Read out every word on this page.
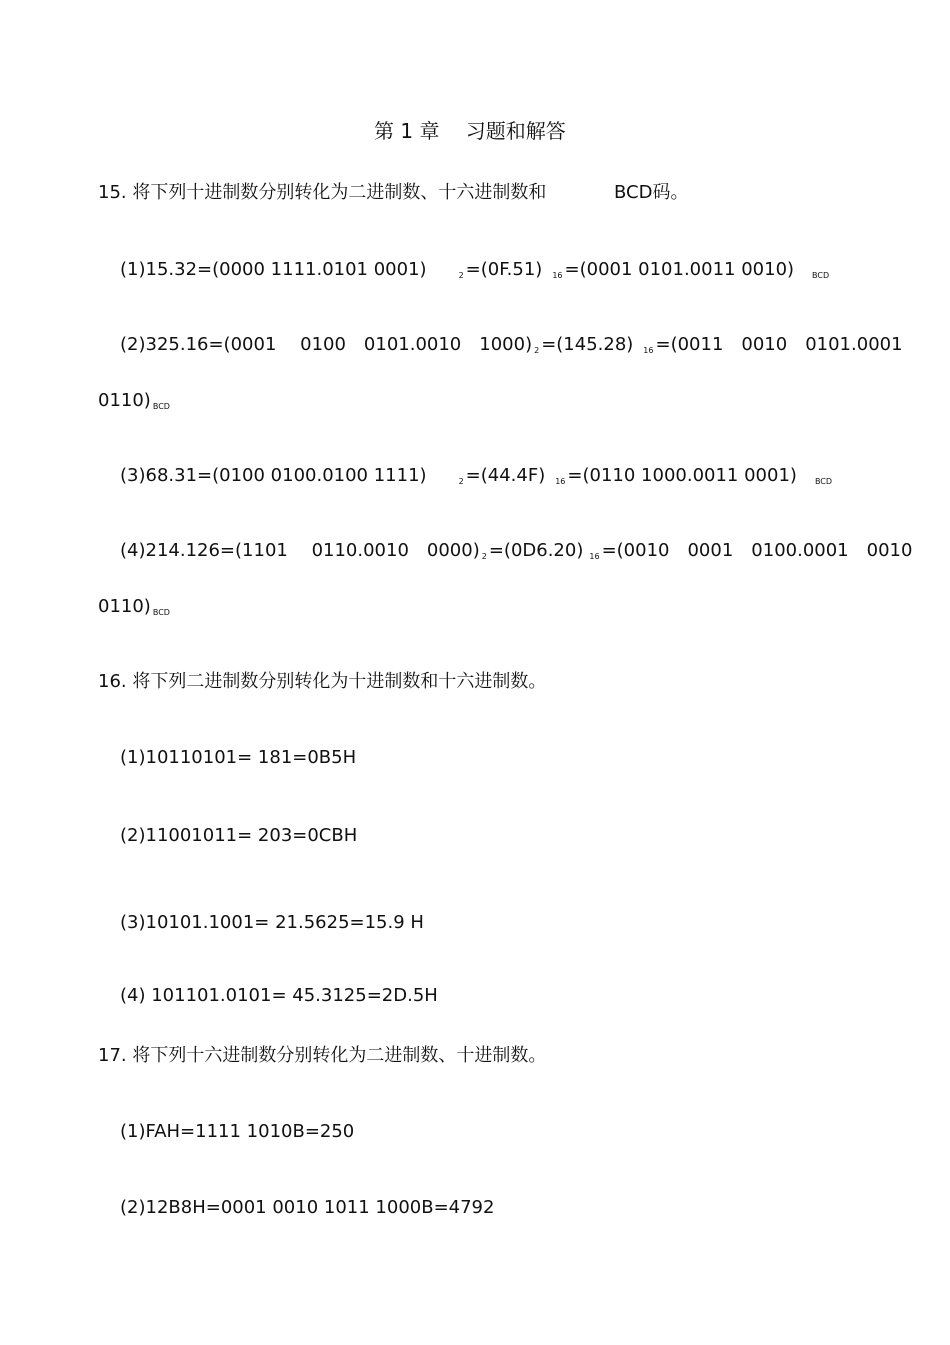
第 1 章　 习题和解答
15. 将下列十进制数分别转化为二进制数、十六进制数和	BCD码。
(1)15.32=(0000 1111.0101 0001)	$_2$ =(0F.51) $_{16}$ =(0001 0101.0011 0010) $_{BCD}$
(2)325.16=(0001　 0100　0101.0010　1000) $_2$ =(145.28) $_{16}$ =(0011　0010　0101.0001
0110) $_{BCD}$
(3)68.31=(0100 0100.0100 1111)	$_2$ =(44.4F) $_{16}$ =(0110 1000.0011 0001) $_{BCD}$
(4)214.126=(1101　 0110.0010　0000) $_2$ =(0D6.20) $_{16}$ =(0010　0001　0100.0001　0010
0110) $_{BCD}$
16. 将下列二进制数分别转化为十进制数和十六进制数。
(1)10110101= 181=0B5H
(2)11001011= 203=0CBH
(3)10101.1001= 21.5625=15.9 H
(4) 101101.0101= 45.3125=2D.5H
17. 将下列十六进制数分别转化为二进制数、十进制数。
(1)FAH=1111 1010B=250
(2)12B8H=0001 0010 1011 1000B=4792
